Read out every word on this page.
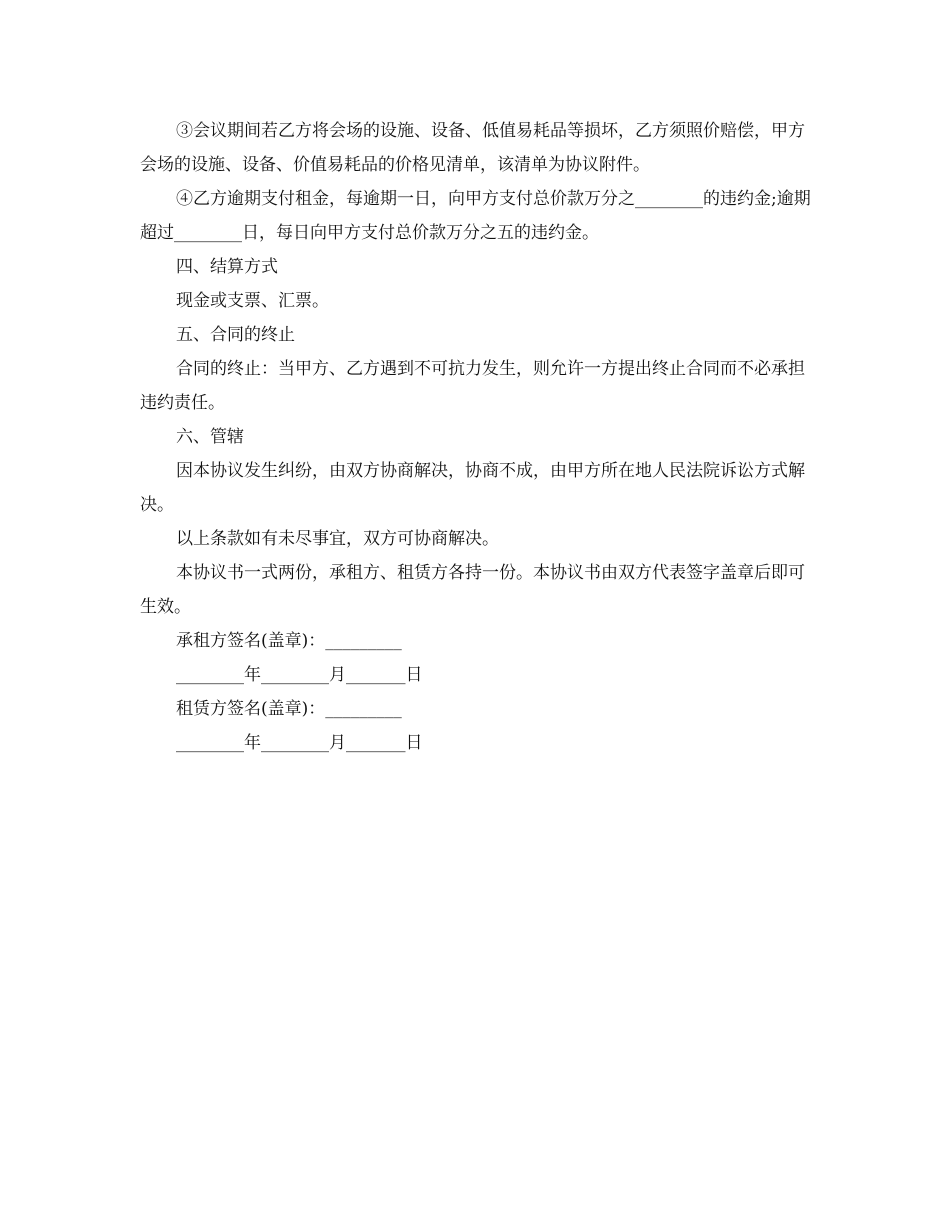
③会议期间若乙方将会场的设施、设备、低值易耗品等损坏，乙方须照价赔偿，甲方会场的设施、设备、价值易耗品的价格见清单，该清单为协议附件。

④乙方逾期支付租金，每逾期一日，向甲方支付总价款万分之________的违约金;逾期超过________日，每日向甲方支付总价款万分之五的违约金。

四、结算方式

现金或支票、汇票。

五、合同的终止

合同的终止：当甲方、乙方遇到不可抗力发生，则允许一方提出终止合同而不必承担违约责任。

六、管辖

因本协议发生纠纷，由双方协商解决，协商不成，由甲方所在地人民法院诉讼方式解决。

以上条款如有未尽事宜，双方可协商解决。

本协议书一式两份，承租方、租赁方各持一份。本协议书由双方代表签字盖章后即可生效。

承租方签名(盖章)：_________

________年________月_______日

租赁方签名(盖章)：_________

________年________月_______日
